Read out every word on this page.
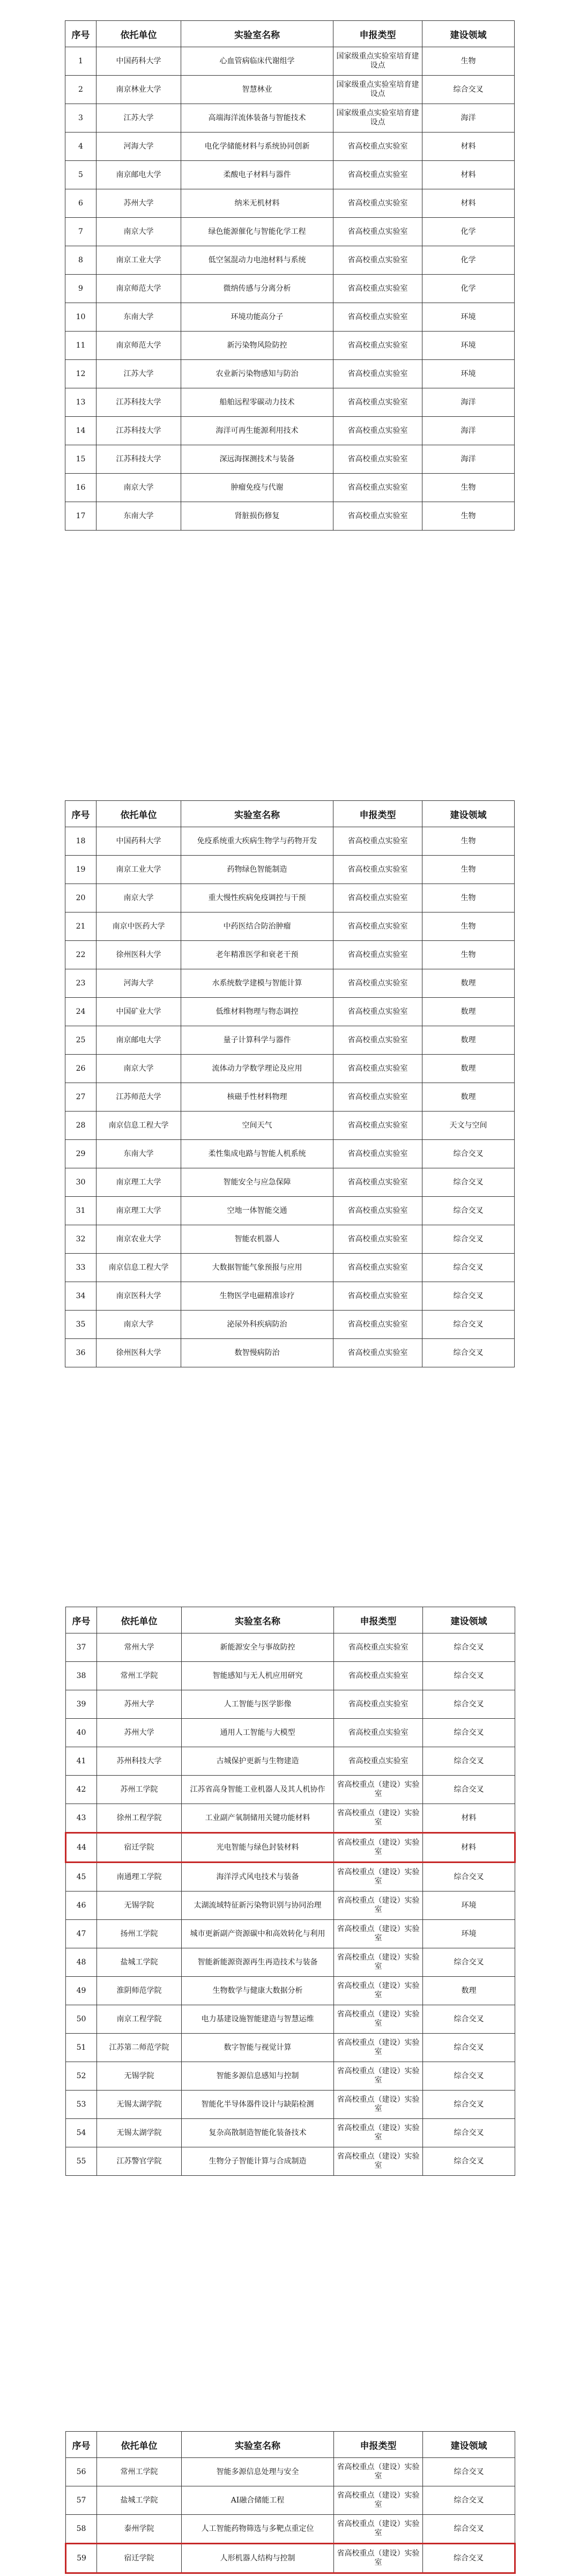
序号	依托单位	实验室名称	申报类型	建设领域
1	中国药科大学	心血管病临床代谢组学	国家级重点实验室培育建设点	生物
2	南京林业大学	智慧林业	国家级重点实验室培育建设点	综合交叉
3	江苏大学	高端海洋流体装备与智能技术	国家级重点实验室培育建设点	海洋
4	河海大学	电化学储能材料与系统协同创新	省高校重点实验室	材料
5	南京邮电大学	柔酸电子材料与器件	省高校重点实验室	材料
6	苏州大学	纳米无机材料	省高校重点实验室	材料
7	南京大学	绿色能源催化与智能化学工程	省高校重点实验室	化学
8	南京工业大学	低空氢混动力电池材料与系统	省高校重点实验室	化学
9	南京师范大学	微纳传感与分离分析	省高校重点实验室	化学
10	东南大学	环境功能高分子	省高校重点实验室	环境
11	南京师范大学	新污染物风险防控	省高校重点实验室	环境
12	江苏大学	农业新污染物感知与防治	省高校重点实验室	环境
13	江苏科技大学	船舶远程零碳动力技术	省高校重点实验室	海洋
14	江苏科技大学	海洋可再生能源利用技术	省高校重点实验室	海洋
15	江苏科技大学	深远海探测技术与装备	省高校重点实验室	海洋
16	南京大学	肿瘤免疫与代谢	省高校重点实验室	生物
17	东南大学	肾脏损伤修复	省高校重点实验室	生物
序号	依托单位	实验室名称	申报类型	建设领域
18	中国药科大学	免疫系统重大疾病生物学与药物开发	省高校重点实验室	生物
19	南京工业大学	药物绿色智能制造	省高校重点实验室	生物
20	南京大学	重大慢性疾病免疫调控与干预	省高校重点实验室	生物
21	南京中医药大学	中药医结合防治肿瘤	省高校重点实验室	生物
22	徐州医科大学	老年精准医学和衰老干预	省高校重点实验室	生物
23	河海大学	水系统数学建模与智能计算	省高校重点实验室	数理
24	中国矿业大学	低维材料物理与物态调控	省高校重点实验室	数理
25	南京邮电大学	量子计算科学与器件	省高校重点实验室	数理
26	南京大学	流体动力学数学理论及应用	省高校重点实验室	数理
27	江苏师范大学	核磁手性材料物理	省高校重点实验室	数理
28	南京信息工程大学	空间天气	省高校重点实验室	天文与空间
29	东南大学	柔性集成电路与智能人机系统	省高校重点实验室	综合交叉
30	南京理工大学	智能安全与应急保障	省高校重点实验室	综合交叉
31	南京理工大学	空地一体智能交通	省高校重点实验室	综合交叉
32	南京农业大学	智能农机器人	省高校重点实验室	综合交叉
33	南京信息工程大学	大数据智能气象预报与应用	省高校重点实验室	综合交叉
34	南京医科大学	生物医学电磁精准诊疗	省高校重点实验室	综合交叉
35	南京大学	泌尿外科疾病防治	省高校重点实验室	综合交叉
36	徐州医科大学	数智慢病防治	省高校重点实验室	综合交叉
序号	依托单位	实验室名称	申报类型	建设领域
37	常州大学	新能源安全与事故防控	省高校重点实验室	综合交叉
38	常州工学院	智能感知与无人机应用研究	省高校重点实验室	综合交叉
39	苏州大学	人工智能与医学影像	省高校重点实验室	综合交叉
40	苏州大学	通用人工智能与大模型	省高校重点实验室	综合交叉
41	苏州科技大学	古城保护更新与生物建造	省高校重点实验室	综合交叉
42	苏州工学院	江苏省高身智能工业机器人及其人机协作	省高校重点（建设）实验室	综合交叉
43	徐州工程学院	工业副产氧制储用关键功能材料	省高校重点（建设）实验室	材料
44	宿迁学院	光电智能与绿色封装材料	省高校重点（建设）实验室	材料
45	南通理工学院	海洋浮式风电技术与装备	省高校重点（建设）实验室	综合交叉
46	无锡学院	太湖流域特征新污染物识别与协同治理	省高校重点（建设）实验室	环境
47	扬州工学院	城市更新副产资源碳中和高效转化与利用	省高校重点（建设）实验室	环境
48	盐城工学院	智能新能源资源再生再造技术与装备	省高校重点（建设）实验室	综合交叉
49	淮阴师范学院	生物数学与健康大数据分析	省高校重点（建设）实验室	数理
50	南京工程学院	电力基建设施智能建造与智慧运维	省高校重点（建设）实验室	综合交叉
51	江苏第二师范学院	数字智能与视觉计算	省高校重点（建设）实验室	综合交叉
52	无锡学院	智能多源信息感知与控制	省高校重点（建设）实验室	综合交叉
53	无锡太湖学院	智能化半导体器件设计与缺陷检测	省高校重点（建设）实验室	综合交叉
54	无锡太湖学院	复杂高散制造智能化装备技术	省高校重点（建设）实验室	综合交叉
55	江苏警官学院	生物分子智能计算与合成制造	省高校重点（建设）实验室	综合交叉
序号	依托单位	实验室名称	申报类型	建设领域
56	常州工学院	智能多源信息处理与安全	省高校重点（建设）实验室	综合交叉
57	盐城工学院	AI融合储能工程	省高校重点（建设）实验室	综合交叉
58	泰州学院	人工智能药物筛选与多靶点重定位	省高校重点（建设）实验室	综合交叉
59	宿迁学院	人形机器人结构与控制	省高校重点（建设）实验室	综合交叉
